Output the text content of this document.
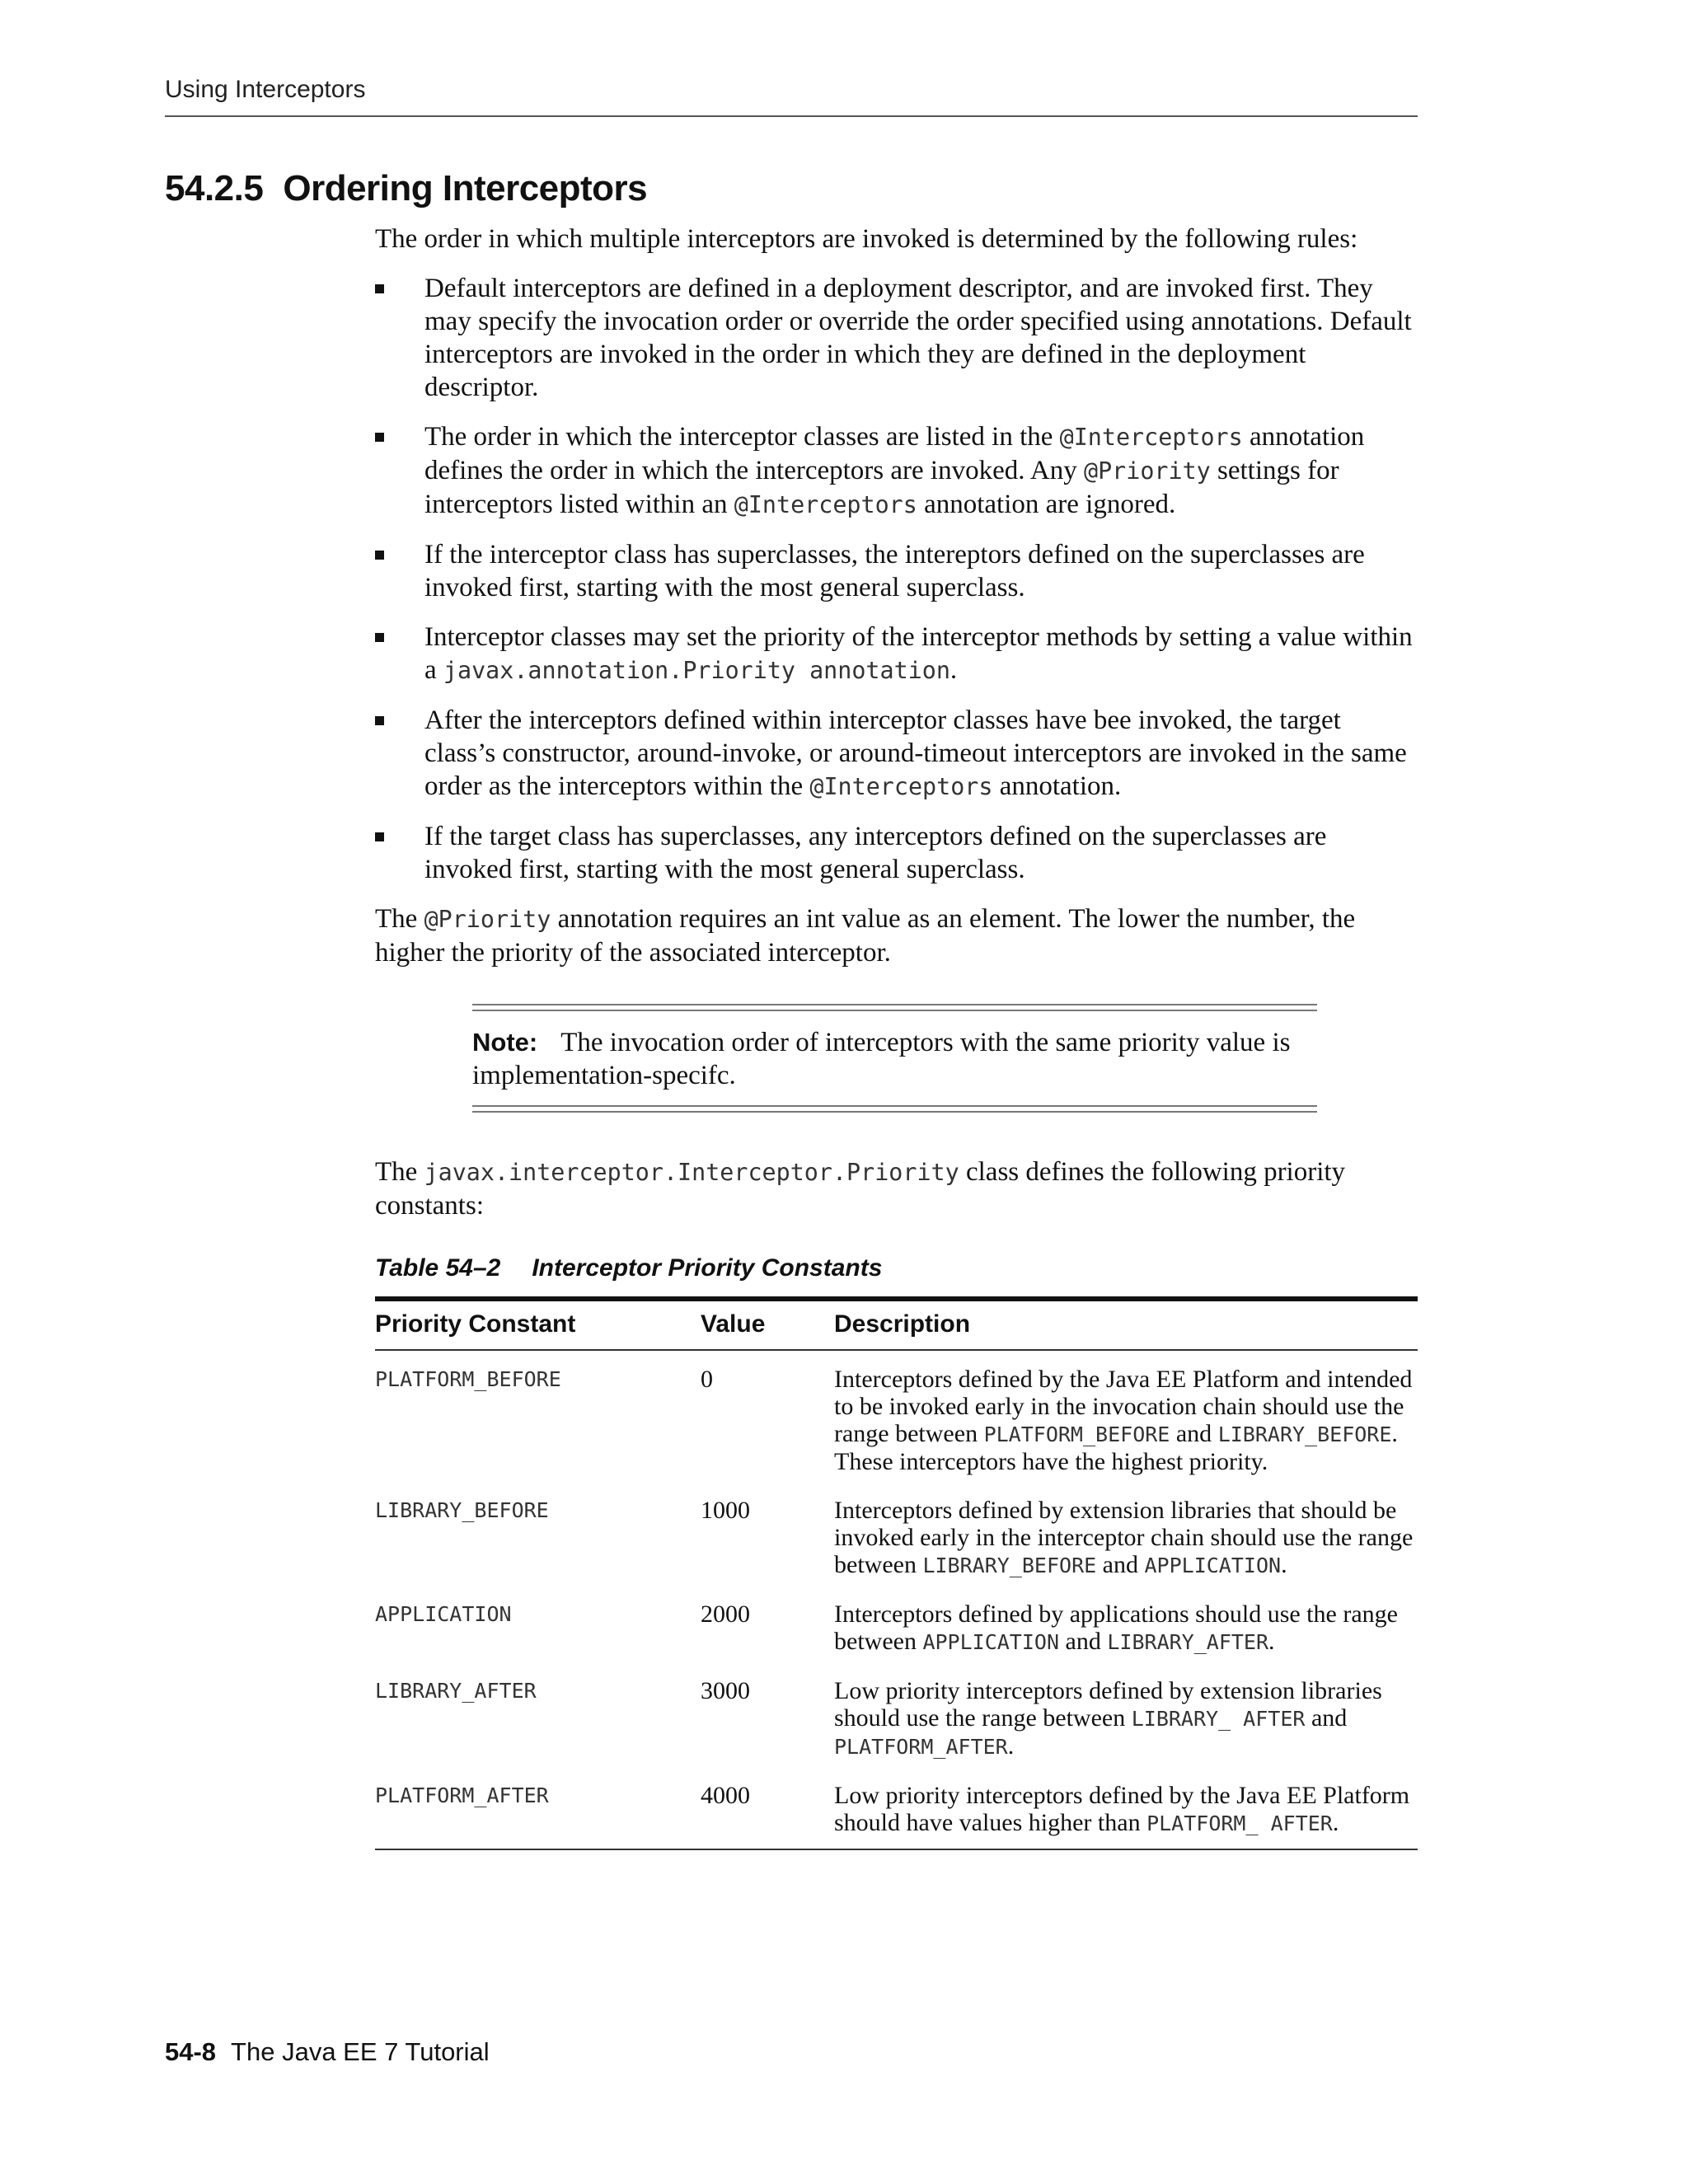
Using Interceptors
54.2.5 Ordering Interceptors

The order in which multiple interceptors are invoked is determined by the following rules:

Default interceptors are defined in a deployment descriptor, and are invoked first. They may specify the invocation order or override the order specified using annotations. Default interceptors are invoked in the order in which they are defined in the deployment descriptor.
The order in which the interceptor classes are listed in the @Interceptors annotation defines the order in which the interceptors are invoked. Any @Priority settings for interceptors listed within an @Interceptors annotation are ignored.
If the interceptor class has superclasses, the intereptors defined on the superclasses are invoked first, starting with the most general superclass.
Interceptor classes may set the priority of the interceptor methods by setting a value within a javax.annotation.Priority annotation.
After the interceptors defined within interceptor classes have bee invoked, the target class’s constructor, around-invoke, or around-timeout interceptors are invoked in the same order as the interceptors within the @Interceptors annotation.
If the target class has superclasses, any interceptors defined on the superclasses are invoked first, starting with the most general superclass.

The @Priority annotation requires an int value as an element. The lower the number, the higher the priority of the associated interceptor.

Note: The invocation order of interceptors with the same priority value is implementation-specifc.

The javax.interceptor.Interceptor.Priority class defines the following priority constants:

Table 54–2 Interceptor Priority Constants
Priority Constant	Value	Description
PLATFORM_BEFORE	0	Interceptors defined by the Java EE Platform and intended to be invoked early in the invocation chain should use the range between PLATFORM_BEFORE and LIBRARY_BEFORE. These interceptors have the highest priority.
LIBRARY_BEFORE	1000	Interceptors defined by extension libraries that should be invoked early in the interceptor chain should use the range between LIBRARY_BEFORE and APPLICATION.
APPLICATION	2000	Interceptors defined by applications should use the range between APPLICATION and LIBRARY_AFTER.
LIBRARY_AFTER	3000	Low priority interceptors defined by extension libraries should use the range between LIBRARY_ AFTER and PLATFORM_AFTER.
PLATFORM_AFTER	4000	Low priority interceptors defined by the Java EE Platform should have values higher than PLATFORM_ AFTER.
54-8 The Java EE 7 Tutorial
